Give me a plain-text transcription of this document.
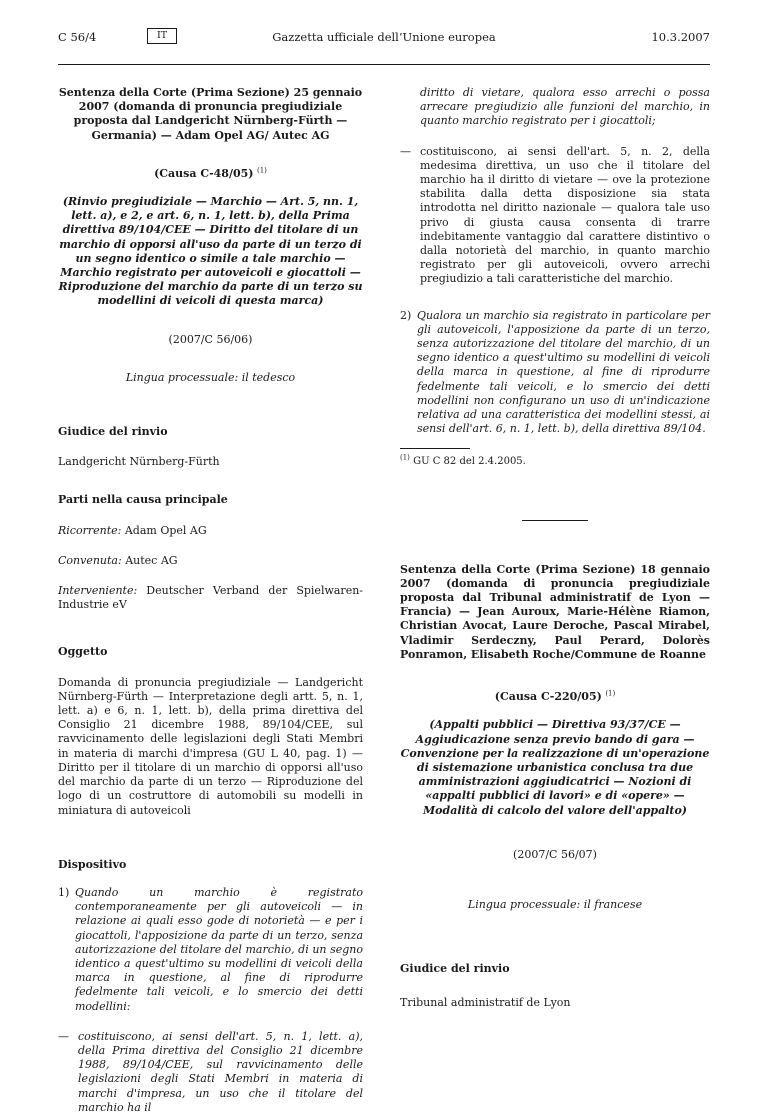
C 56/4	IT	Gazzetta ufficiale dell’Unione europea	10.3.2007

Sentenza della Corte (Prima Sezione) 25 gennaio 2007 (domanda di pronuncia pregiudiziale proposta dal Landgericht Nürnberg-Fürth — Germania) — Adam Opel AG/ Autec AG

(Causa C-48/05) $^{(1)}$

(Rinvio pregiudiziale — Marchio — Art. 5, nn. 1, lett. a), e 2, e art. 6, n. 1, lett. b), della Prima direttiva 89/104/CEE — Diritto del titolare di un marchio di opporsi all'uso da parte di un terzo di un segno identico o simile a tale marchio — Marchio registrato per autoveicoli e giocattoli — Riproduzione del marchio da parte di un terzo su modellini di veicoli di questa marca)

(2007/C 56/06)

Lingua processuale: il tedesco

Giudice del rinvio

Landgericht Nürnberg-Fürth

Parti nella causa principale

Ricorrente: Adam Opel AG

Convenuta: Autec AG

Interveniente: Deutscher Verband der Spielwaren-Industrie eV

Oggetto

Domanda di pronuncia pregiudiziale — Landgericht Nürnberg-Fürth — Interpretazione degli artt. 5, n. 1, lett. a) e 6, n. 1, lett. b), della prima direttiva del Consiglio 21 dicembre 1988, 89/104/CEE, sul ravvicinamento delle legislazioni degli Stati Membri in materia di marchi d'impresa (GU L 40, pag. 1) — Diritto per il titolare di un marchio di opporsi all'uso del marchio da parte di un terzo — Riproduzione del logo di un costruttore di automobili su modelli in miniatura di autoveicoli

Dispositivo

1) Quando un marchio è registrato contemporaneamente per gli autoveicoli — in relazione ai quali esso gode di notorietà — e per i giocattoli, l'apposizione da parte di un terzo, senza autorizzazione del titolare del marchio, di un segno identico a quest'ultimo su modellini di veicoli della marca in questione, al fine di riprodurre fedelmente tali veicoli, e lo smercio dei detti modellini:
— costituiscono, ai sensi dell'art. 5, n. 1, lett. a), della Prima direttiva del Consiglio 21 dicembre 1988, 89/104/CEE, sul ravvicinamento delle legislazioni degli Stati Membri in materia di marchi d'impresa, un uso che il titolare del marchio ha il

diritto di vietare, qualora esso arrechi o possa arrecare pregiudizio alle funzioni del marchio, in quanto marchio registrato per i giocattoli;

— costituiscono, ai sensi dell'art. 5, n. 2, della medesima direttiva, un uso che il titolare del marchio ha il diritto di vietare — ove la protezione stabilita dalla detta disposizione sia stata introdotta nel diritto nazionale — qualora tale uso privo di giusta causa consenta di trarre indebitamente vantaggio dal carattere distintivo o dalla notorietà del marchio, in quanto marchio registrato per gli autoveicoli, ovvero arrechi pregiudizio a tali caratteristiche del marchio.
2) Qualora un marchio sia registrato in particolare per gli autoveicoli, l'apposizione da parte di un terzo, senza autorizzazione del titolare del marchio, di un segno identico a quest'ultimo su modellini di veicoli della marca in questione, al fine di riprodurre fedelmente tali veicoli, e lo smercio dei detti modellini non configurano un uso di un'indicazione relativa ad una caratteristica dei modellini stessi, ai sensi dell'art. 6, n. 1, lett. b), della direttiva 89/104.

$^{(1)}$ GU C 82 del 2.4.2005.

Sentenza della Corte (Prima Sezione) 18 gennaio 2007 (domanda di pronuncia pregiudiziale proposta dal Tribunal administratif de Lyon — Francia) — Jean Auroux, Marie-Hélène Riamon, Christian Avocat, Laure Deroche, Pascal Mirabel, Vladimir Serdeczny, Paul Perard, Dolorès Ponramon, Elisabeth Roche/Commune de Roanne

(Causa C-220/05) $^{(1)}$

(Appalti pubblici — Direttiva 93/37/CE — Aggiudicazione senza previo bando di gara — Convenzione per la realizzazione di un'operazione di sistemazione urbanistica conclusa tra due amministrazioni aggiudicatrici — Nozioni di «appalti pubblici di lavori» e di «opere» — Modalità di calcolo del valore dell'appalto)

(2007/C 56/07)

Lingua processuale: il francese

Giudice del rinvio

Tribunal administratif de Lyon
